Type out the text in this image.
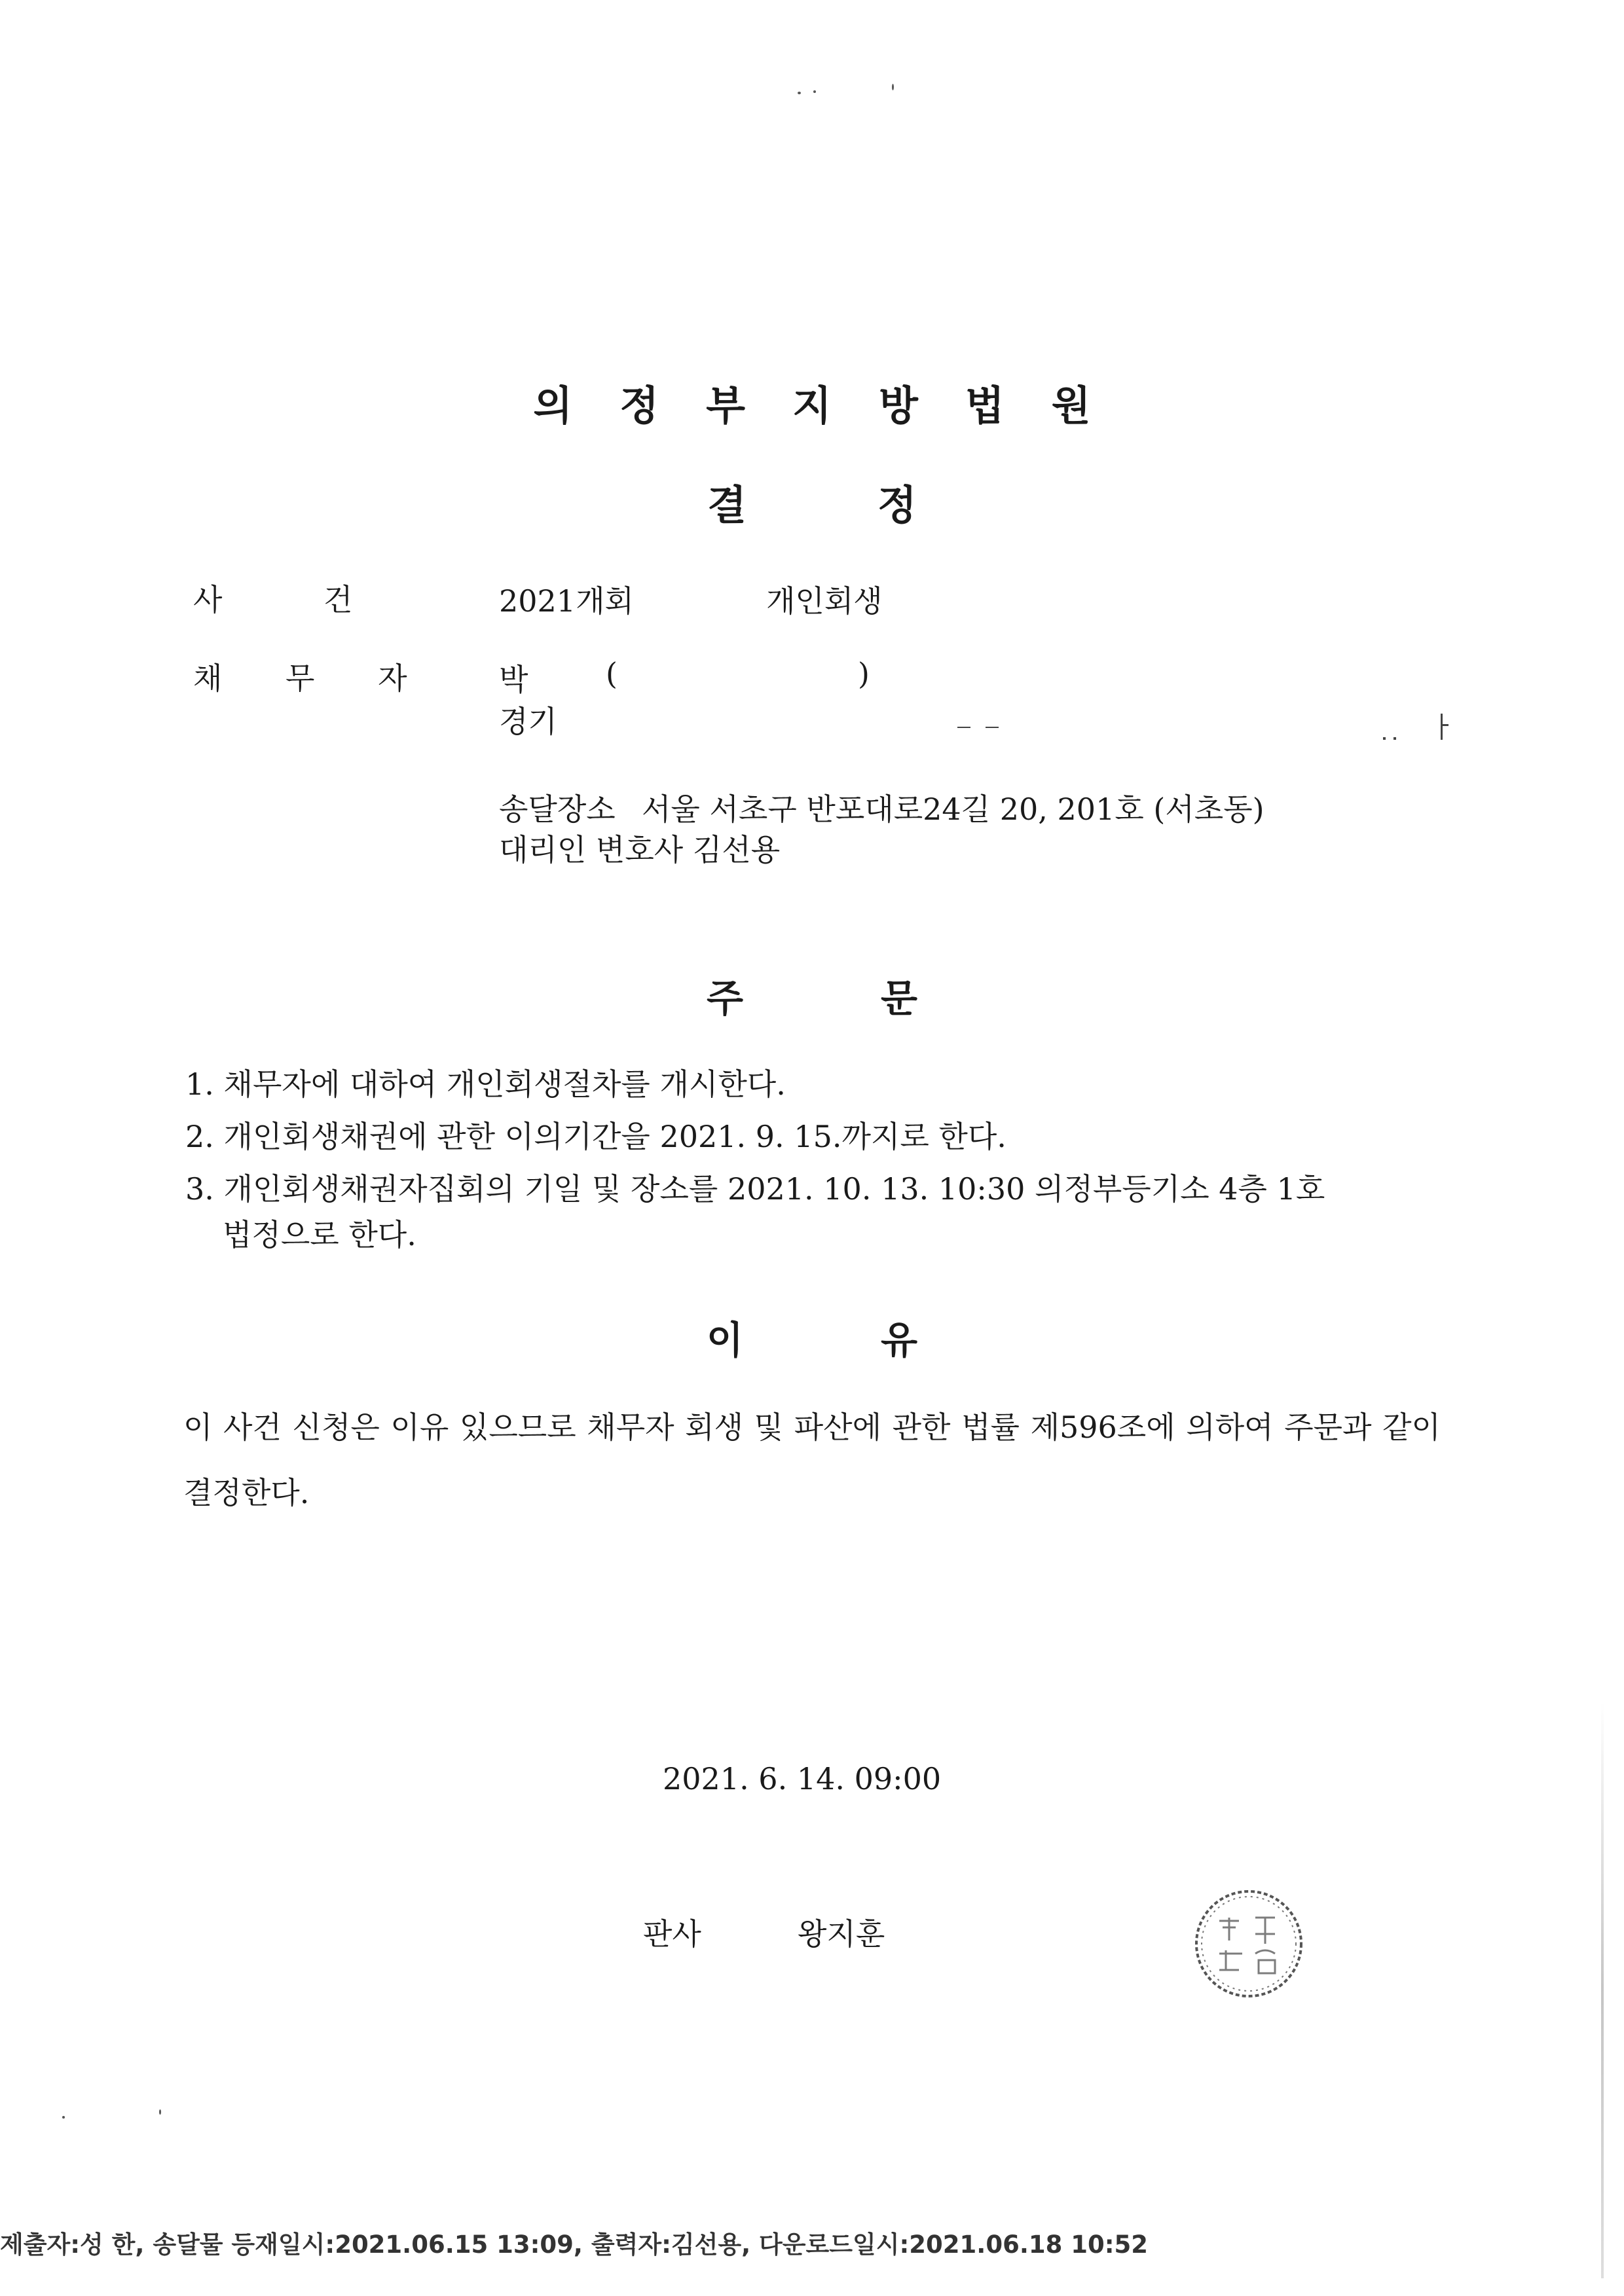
의정부지방법원
결정
사 건	2021개회	개인회생
채 무 자	박	(	)
경기
송달장소 서울 서초구 반포대로24길 20, 201호 (서초동)
대리인 변호사 김선용
주문
1. 채무자에 대하여 개인회생절차를 개시한다.
2. 개인회생채권에 관한 이의기간을 2021. 9. 15.까지로 한다.
3. 개인회생채권자집회의 기일 및 장소를 2021. 10. 13. 10:30 의정부등기소 4층 1호
법정으로 한다.
이유
이 사건 신청은 이유 있으므로 채무자 회생 및 파산에 관한 법률 제596조에 의하여 주문과 같이 결정한다.
2021. 6. 14. 09:00
판사	왕지훈
제출자:성 한, 송달물 등재일시:2021.06.15 13:09, 출력자:김선용, 다운로드일시:2021.06.18 10:52
